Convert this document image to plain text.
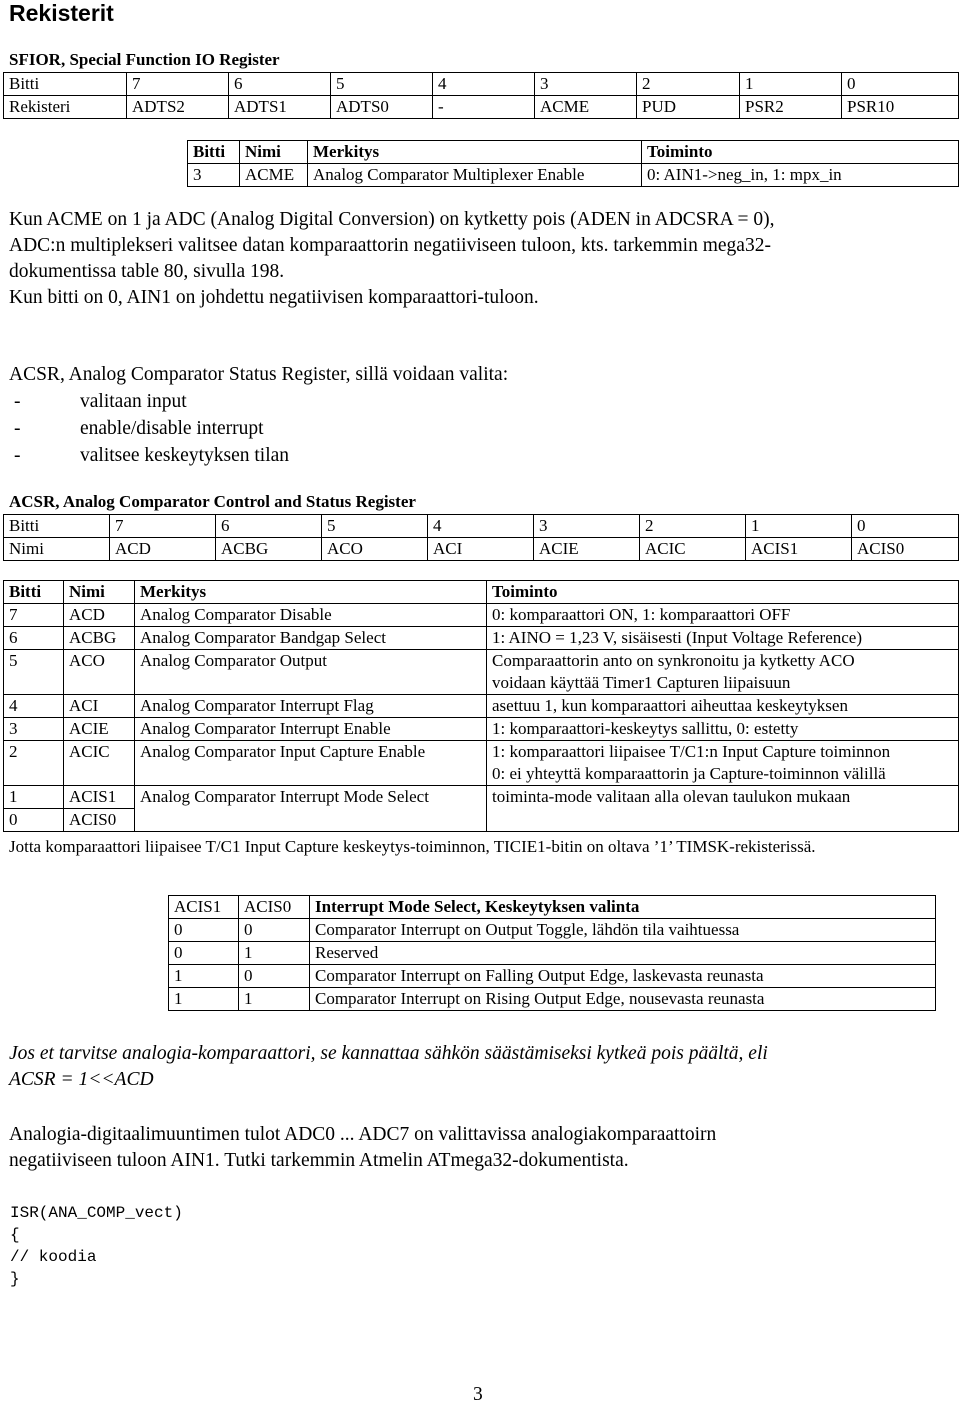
Rekisterit
SFIOR, Special Function IO Register
Bitti	7	6	5	4	3	2	1	0
Rekisteri	ADTS2	ADTS1	ADTS0	-	ACME	PUD	PSR2	PSR10
Bitti	Nimi	Merkitys	Toiminto
3	ACME	Analog Comparator Multiplexer Enable	0: AIN1->neg_in, 1: mpx_in
Kun ACME on 1 ja ADC (Analog Digital Conversion) on kytketty pois (ADEN in ADCSRA = 0),
ADC:n multiplekseri valitsee datan komparaattorin negatiiviseen tuloon, kts. tarkemmin mega32-
dokumentissa table 80, sivulla 198.
Kun bitti on 0, AIN1 on johdettu negatiivisen komparaattori-tuloon.
ACSR, Analog Comparator Status Register, sillä voidaan valita:
-	valitaan input
-	enable/disable interrupt
-	valitsee keskeytyksen tilan
ACSR, Analog Comparator Control and Status Register
Bitti	7	6	5	4	3	2	1	0
Nimi	ACD	ACBG	ACO	ACI	ACIE	ACIC	ACIS1	ACIS0
Bitti	Nimi	Merkitys	Toiminto
7	ACD	Analog Comparator Disable	0: komparaattori ON, 1: komparaattori OFF
6	ACBG	Analog Comparator Bandgap Select	1: AINO = 1,23 V, sisäisesti (Input Voltage Reference)
5	ACO	Analog Comparator Output	Comparaattorin anto on synkronoitu ja kytketty ACO
voidaan käyttää Timer1 Capturen liipaisuun

4	ACI	Analog Comparator Interrupt Flag	asettuu 1, kun komparaattori aiheuttaa keskeytyksen
3	ACIE	Analog Comparator Interrupt Enable	1: komparaattori-keskeytys sallittu, 0: estetty
2	ACIC	Analog Comparator Input Capture Enable	1: komparaattori liipaisee T/C1:n Input Capture toiminnon
0: ei yhteyttä komparaattorin ja Capture-toiminnon välillä

1	ACIS1	Analog Comparator Interrupt Mode Select	toiminta-mode valitaan alla olevan taulukon mukaan
0	ACIS0		
Jotta komparaattori liipaisee T/C1 Input Capture keskeytys-toiminnon, TICIE1-bitin on oltava ’1’ TIMSK-rekisterissä.
ACIS1	ACIS0	Interrupt Mode Select, Keskeytyksen valinta
0	0	Comparator Interrupt on Output Toggle, lähdön tila vaihtuessa
0	1	Reserved
1	0	Comparator Interrupt on Falling Output Edge, laskevasta reunasta
1	1	Comparator Interrupt on Rising Output Edge, nousevasta reunasta
Jos et tarvitse analogia-komparaattori, se kannattaa sähkön säästämiseksi kytkeä pois päältä, eli
ACSR = 1<<ACD
Analogia-digitaalimuuntimen tulot ADC0 ... ADC7 on valittavissa analogiakomparaattoirn
negatiiviseen tuloon AIN1. Tutki tarkemmin Atmelin ATmega32-dokumentista.
ISR(ANA_COMP_vect)
{
// koodia
}
3
